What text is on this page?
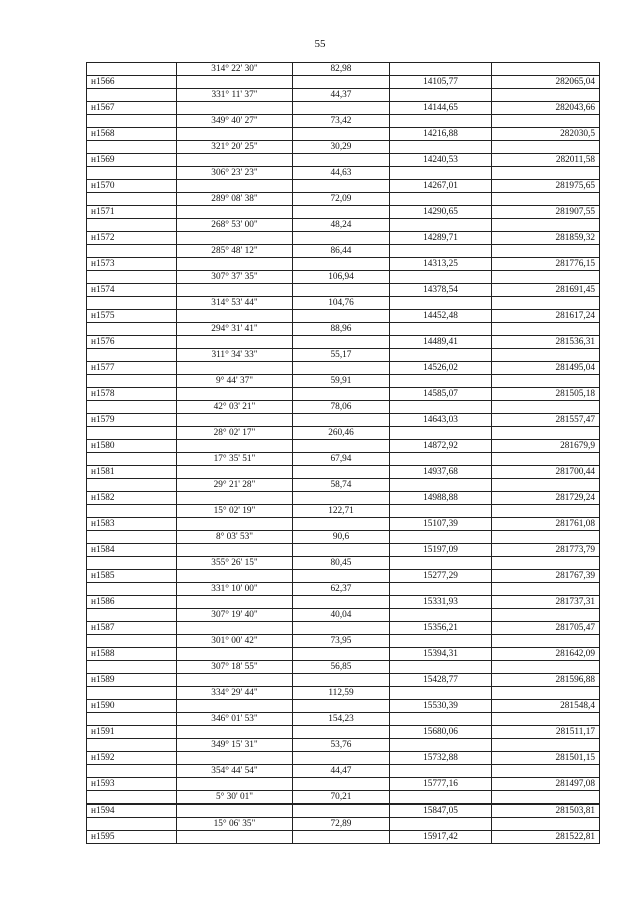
55
	314° 22' 30"	82,98		
н1566			14105,77	282065,04
	331° 11' 37"	44,37		
н1567			14144,65	282043,66
	349° 40' 27"	73,42		
н1568			14216,88	282030,5
	321° 20' 25"	30,29		
н1569			14240,53	282011,58
	306° 23' 23"	44,63		
н1570			14267,01	281975,65
	289° 08' 38"	72,09		
н1571			14290,65	281907,55
	268° 53' 00"	48,24		
н1572			14289,71	281859,32
	285° 48' 12"	86,44		
н1573			14313,25	281776,15
	307° 37' 35"	106,94		
н1574			14378,54	281691,45
	314° 53' 44"	104,76		
н1575			14452,48	281617,24
	294° 31' 41"	88,96		
н1576			14489,41	281536,31
	311° 34' 33"	55,17		
н1577			14526,02	281495,04
	9° 44' 37"	59,91		
н1578			14585,07	281505,18
	42° 03' 21"	78,06		
н1579			14643,03	281557,47
	28° 02' 17"	260,46		
н1580			14872,92	281679,9
	17° 35' 51"	67,94		
н1581			14937,68	281700,44
	29° 21' 28"	58,74		
н1582			14988,88	281729,24
	15° 02' 19"	122,71		
н1583			15107,39	281761,08
	8° 03' 53"	90,6		
н1584			15197,09	281773,79
	355° 26' 15"	80,45		
н1585			15277,29	281767,39
	331° 10' 00"	62,37		
н1586			15331,93	281737,31
	307° 19' 40"	40,04		
н1587			15356,21	281705,47
	301° 00' 42"	73,95		
н1588			15394,31	281642,09
	307° 18' 55"	56,85		
н1589			15428,77	281596,88
	334° 29' 44"	112,59		
н1590			15530,39	281548,4
	346° 01' 53"	154,23		
н1591			15680,06	281511,17
	349° 15' 31"	53,76		
н1592			15732,88	281501,15
	354° 44' 54"	44,47		
н1593			15777,16	281497,08
	5° 30' 01"	70,21		
н1594			15847,05	281503,81
	15° 06' 35"	72,89		
н1595			15917,42	281522,81
